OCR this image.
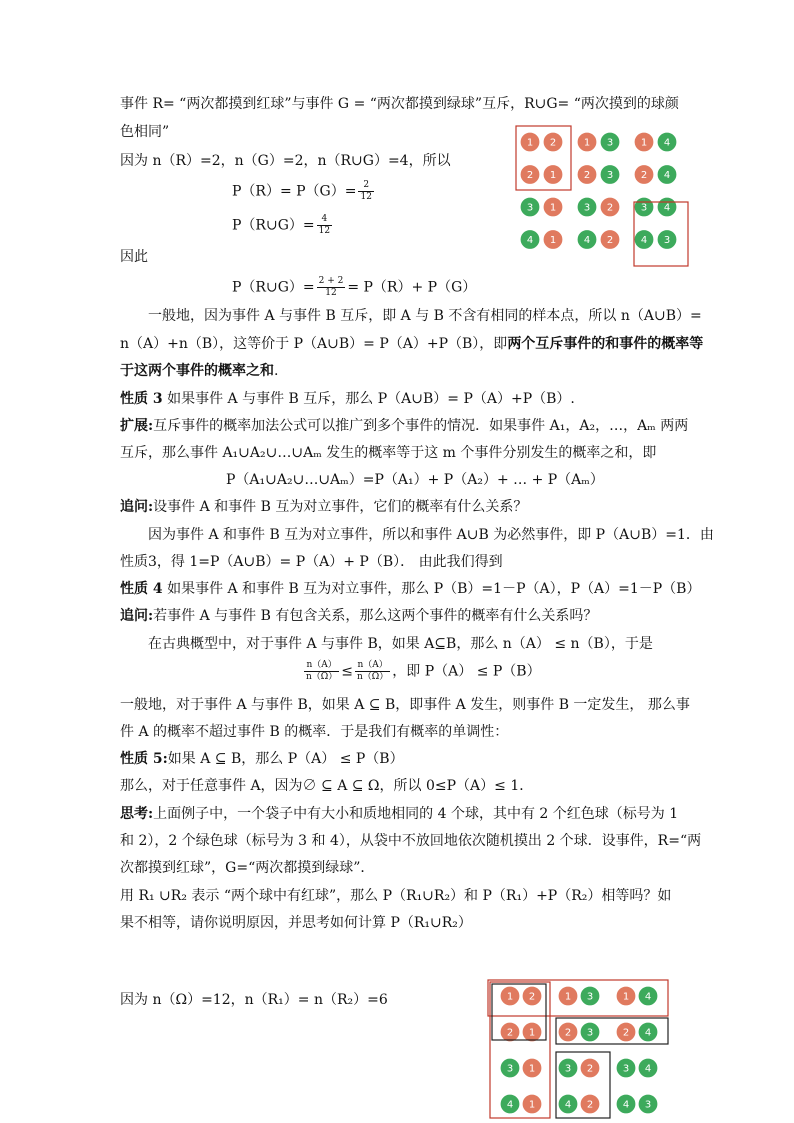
事件 R= “两次都摸到红球”与事件 G = “两次都摸到绿球”互斥，R∪G= “两次摸到的球颜
色相同”
因为 n（R）=2，n（G）=2，n（R∪G）=4，所以
$P(R)= P(G)= \frac{2}{12}$
P（R∪G）= $\frac{4}{12}$
因此
P（R∪G）= $\frac{2 + 2}{12} = P(R)+ P(G)$
一般地，因为事件 A 与事件 B 互斥，即 A 与 B 不含有相同的样本点，所以 n（A∪B）=
n（A）+n（B），这等价于 P（A∪B）= P（A）+P（B），即两个互斥事件的和事件的概率等
于这两个事件的概率之和.
性质 3 如果事件 A 与事件 B 互斥，那么 P（A∪B）= P（A）+P（B）.
扩展:互斥事件的概率加法公式可以推广到多个事件的情况．如果事件 A₁，A₂，…，Aₘ 两两
互斥，那么事件 A₁∪A₂∪…∪Aₘ 发生的概率等于这 m 个事件分别发生的概率之和，即
P（A₁∪A₂∪…∪Aₘ）=P（A₁）+ P（A₂）+ … + P（Aₘ）
追问:设事件 A 和事件 B 互为对立事件，它们的概率有什么关系？
因为事件 A 和事件 B 互为对立事件，所以和事件 A∪B 为必然事件，即 P（A∪B）=1．由
性质3，得 1=P（A∪B）= P（A）+ P（B）． 由此我们得到
性质 4 如果事件 A 和事件 B 互为对立事件，那么 P（B）=1－P（A），P（A）=1－P（B）
追问:若事件 A 与事件 B 有包含关系，那么这两个事件的概率有什么关系吗？
在古典概型中，对于事件 A 与事件 B，如果 A⊆B，那么 n（A） ≤ n（B），于是
$\frac{n(A)}{n(\Omega)} \le \frac{n(A)}{n(\Omega)}$ ，即 P（A） ≤ P（B）
一般地，对于事件 A 与事件 B，如果 A ⊆ B，即事件 A 发生，则事件 B 一定发生， 那么事
件 A 的概率不超过事件 B 的概率．于是我们有概率的单调性：
性质 5:如果 A ⊆ B，那么 P（A） ≤ P（B）
那么，对于任意事件 A，因为∅ ⊆ A ⊆ Ω，所以 0≤P（A）≤ 1．
思考:上面例子中，一个袋子中有大小和质地相同的 4 个球，其中有 2 个红色球（标号为 1
和 2），2 个绿色球（标号为 3 和 4），从袋中不放回地依次随机摸出 2 个球．设事件，R=“两
次都摸到红球”，G=“两次都摸到绿球”．
用 R₁ ∪R₂ 表示 “两个球中有红球”，那么 P（R₁∪R₂）和 P（R₁）+P（R₂）相等吗？如
果不相等，请你说明原因，并思考如何计算 P（R₁∪R₂）
因为 n（Ω）=12，n（R₁）= n（R₂）=6
1 2	1 3	1 4
2 1	2 3	2 4
3 1	3 2	3 4
4 1	4 2	4 3
1 2	1 3	1 4
2 1	2 3	2 4
3 1	3 2	3 4
4 1	4 2	4 3
